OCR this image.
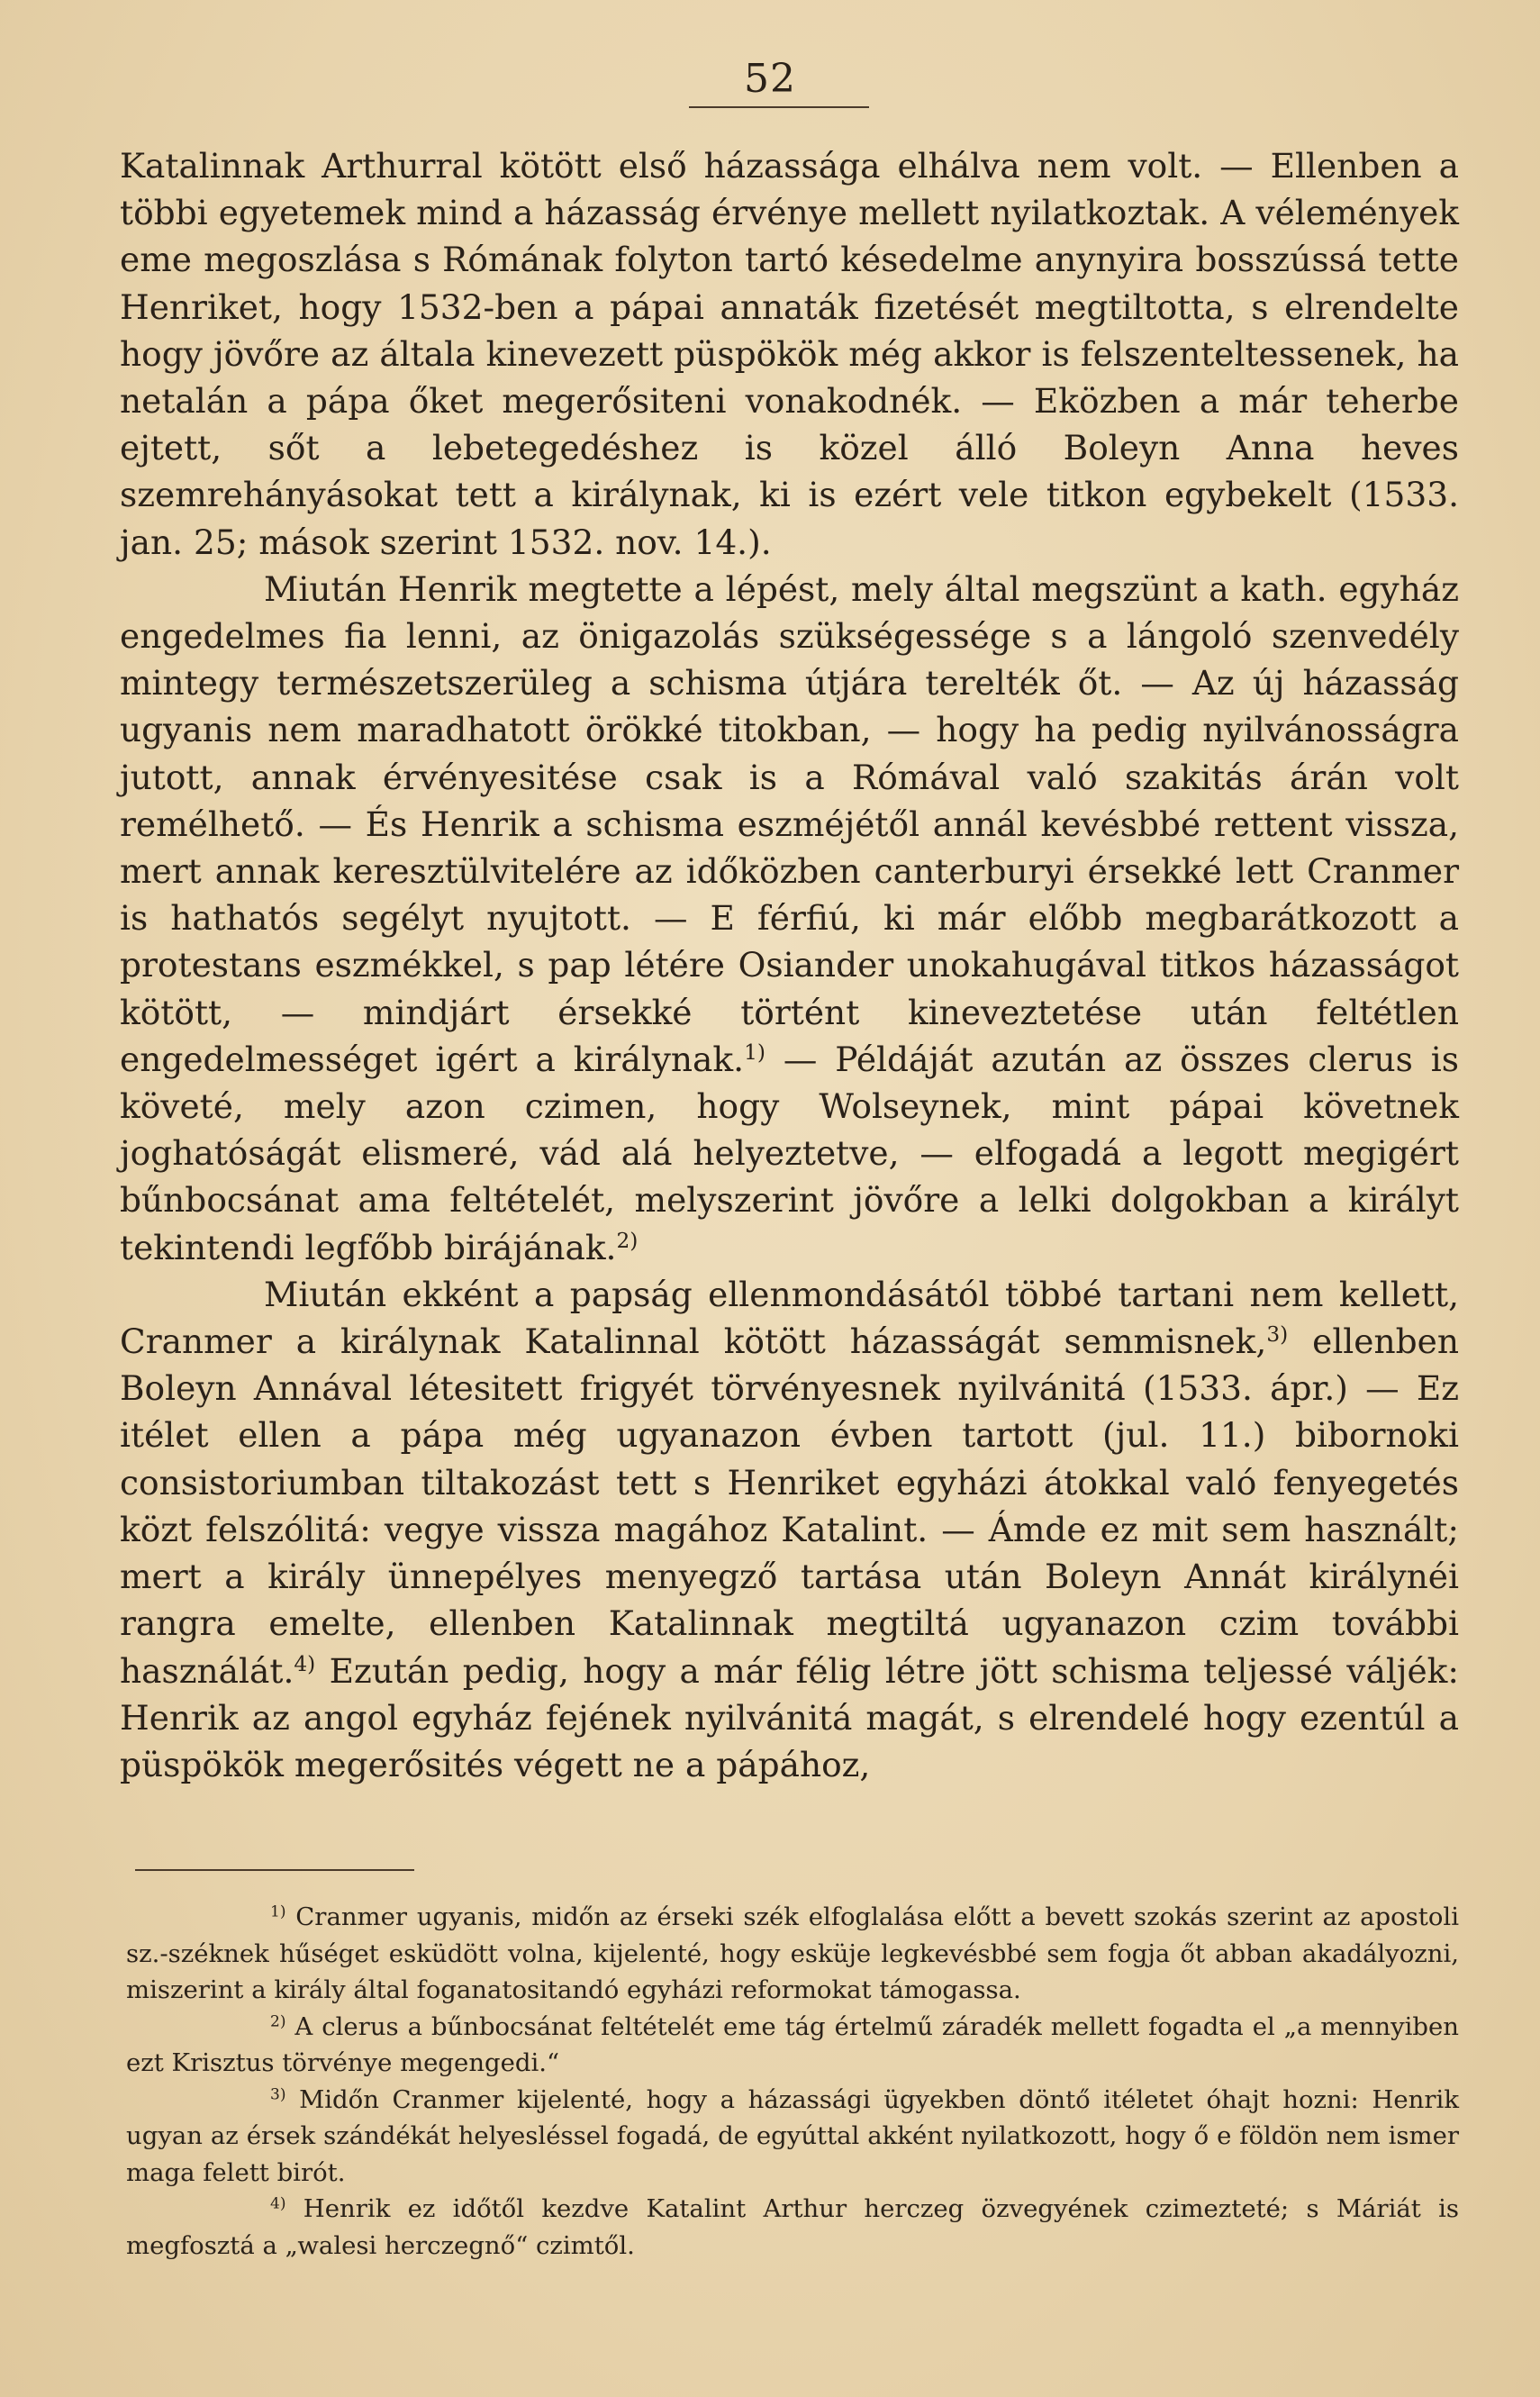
52

Katalinnak Arthurral kötött első házassága elhálva nem volt. — Ellenben a többi egyetemek mind a házasság érvénye mellett nyilatkoztak. A vélemények eme megoszlása s Rómának folyton tartó késedelme anynyira bosszússá tette Henriket, hogy 1532-ben a pápai annaták fizetését megtiltotta, s elrendelte hogy jövőre az általa kinevezett püspökök még akkor is felszenteltessenek, ha netalán a pápa őket megerősiteni vonakodnék. — Eközben a már teherbe ejtett, sőt a lebetegedéshez is közel álló Boleyn Anna heves szemrehányásokat tett a királynak, ki is ezért vele titkon egybekelt (1533. jan. 25; mások szerint 1532. nov. 14.).

Miután Henrik megtette a lépést, mely által megszünt a kath. egyház engedelmes fia lenni, az önigazolás szükségessége s a lángoló szenvedély mintegy természetszerüleg a schisma útjára terelték őt. — Az új házasság ugyanis nem maradhatott örökké titokban, — hogy ha pedig nyilvánosságra jutott, annak érvényesitése csak is a Rómával való szakitás árán volt remélhető. — És Henrik a schisma eszméjétől annál kevésbbé rettent vissza, mert annak keresztülvitelére az időközben canterburyi érsekké lett Cranmer is hathatós segélyt nyujtott. — E férfiú, ki már előbb megbarátkozott a protestans eszmékkel, s pap létére Osiander unokahugával titkos házasságot kötött, — mindjárt érsekké történt kineveztetése után feltétlen engedelmességet igért a királynak.$^{1)}$ — Példáját azután az összes clerus is követé, mely azon czimen, hogy Wolseynek, mint pápai követnek joghatóságát elismeré, vád alá helyeztetve, — elfogadá a legott megigért bűnbocsánat ama feltételét, melyszerint jövőre a lelki dolgokban a királyt tekintendi legfőbb birájának.$^{2)}$

Miután ekként a papság ellenmondásától többé tartani nem kellett, Cranmer a királynak Katalinnal kötött házasságát semmisnek,$^{3)}$ ellenben Boleyn Annával létesitett frigyét törvényesnek nyilvánitá (1533. ápr.) — Ez itélet ellen a pápa még ugyanazon évben tartott (jul. 11.) bibornoki consistoriumban tiltakozást tett s Henriket egyházi átokkal való fenyegetés közt felszólitá: vegye vissza magához Katalint. — Ámde ez mit sem használt; mert a király ünnepélyes menyegző tartása után Boleyn Annát királynéi rangra emelte, ellenben Katalinnak megtiltá ugyanazon czim további használát.$^{4)}$ Ezután pedig, hogy a már félig létre jött schisma teljessé váljék: Henrik az angol egyház fejének nyilvánitá magát, s elrendelé hogy ezentúl a püspökök megerősités végett ne a pápához,

$^{1)}$ Cranmer ugyanis, midőn az érseki szék elfoglalása előtt a bevett szokás szerint az apostoli sz.-széknek hűséget esküdött volna, kijelenté, hogy esküje legkevésbbé sem fogja őt abban akadályozni, miszerint a király által foganatositandó egyházi reformokat támogassa.

$^{2)}$ A clerus a bűnbocsánat feltételét eme tág értelmű záradék mellett fogadta el „a mennyiben ezt Krisztus törvénye megengedi.“

$^{3)}$ Midőn Cranmer kijelenté, hogy a házassági ügyekben döntő itéletet óhajt hozni: Henrik ugyan az érsek szándékát helyesléssel fogadá, de egyúttal akként nyilatkozott, hogy ő e földön nem ismer maga felett birót.

$^{4)}$ Henrik ez időtől kezdve Katalint Arthur herczeg özvegyének czimezteté; s Máriát is megfosztá a „walesi herczegnő“ czimtől.
